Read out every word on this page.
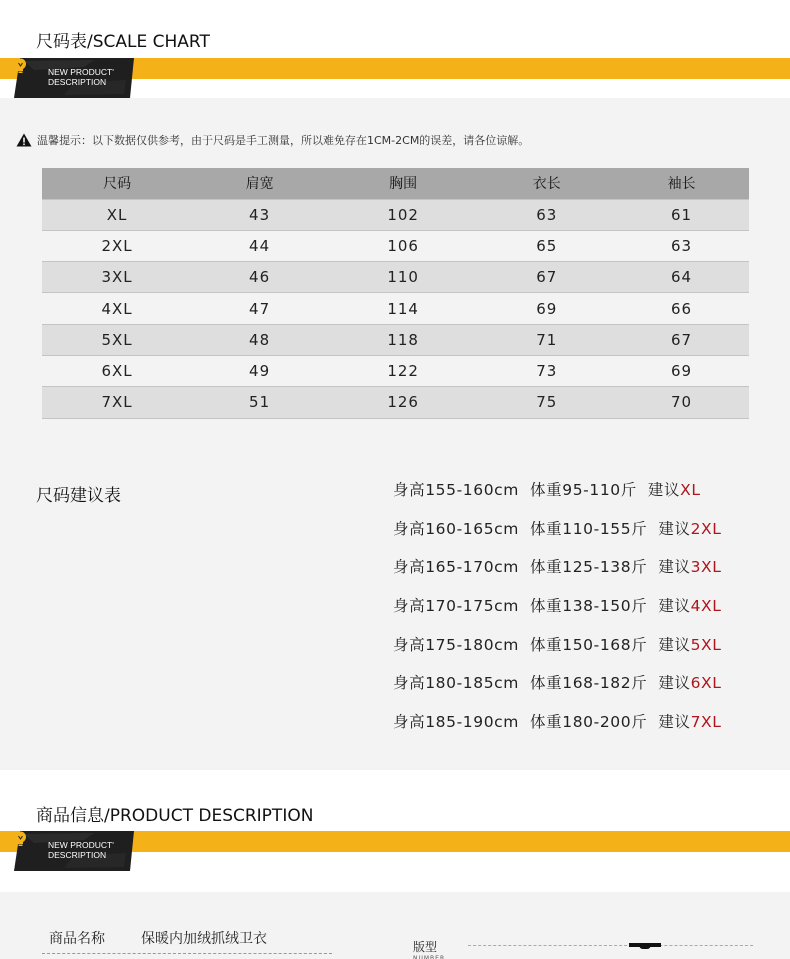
尺码表/SCALE CHART
NEW PRODUCT'
DESCRIPTION
温馨提示：以下数据仅供参考，由于尺码是手工测量，所以难免存在1CM-2CM的误差，请各位谅解。
尺码	肩宽	胸围	衣长	袖长
XL	43	102	63	61
2XL	44	106	65	63
3XL	46	110	67	64
4XL	47	114	69	66
5XL	48	118	71	67
6XL	49	122	73	69
7XL	51	126	75	70
尺码建议表	身高155-160cm 体重95-110斤 建议XL
身高160-165cm 体重110-155斤 建议2XL
身高165-170cm 体重125-138斤 建议3XL
身高170-175cm 体重138-150斤 建议4XL
身高175-180cm 体重150-168斤 建议5XL
身高180-185cm 体重168-182斤 建议6XL
身高185-190cm 体重180-200斤 建议7XL
商品信息/PRODUCT DESCRIPTION
NEW PRODUCT'
DESCRIPTION
商品名称	保暖内加绒抓绒卫衣	版型
NUMBER
